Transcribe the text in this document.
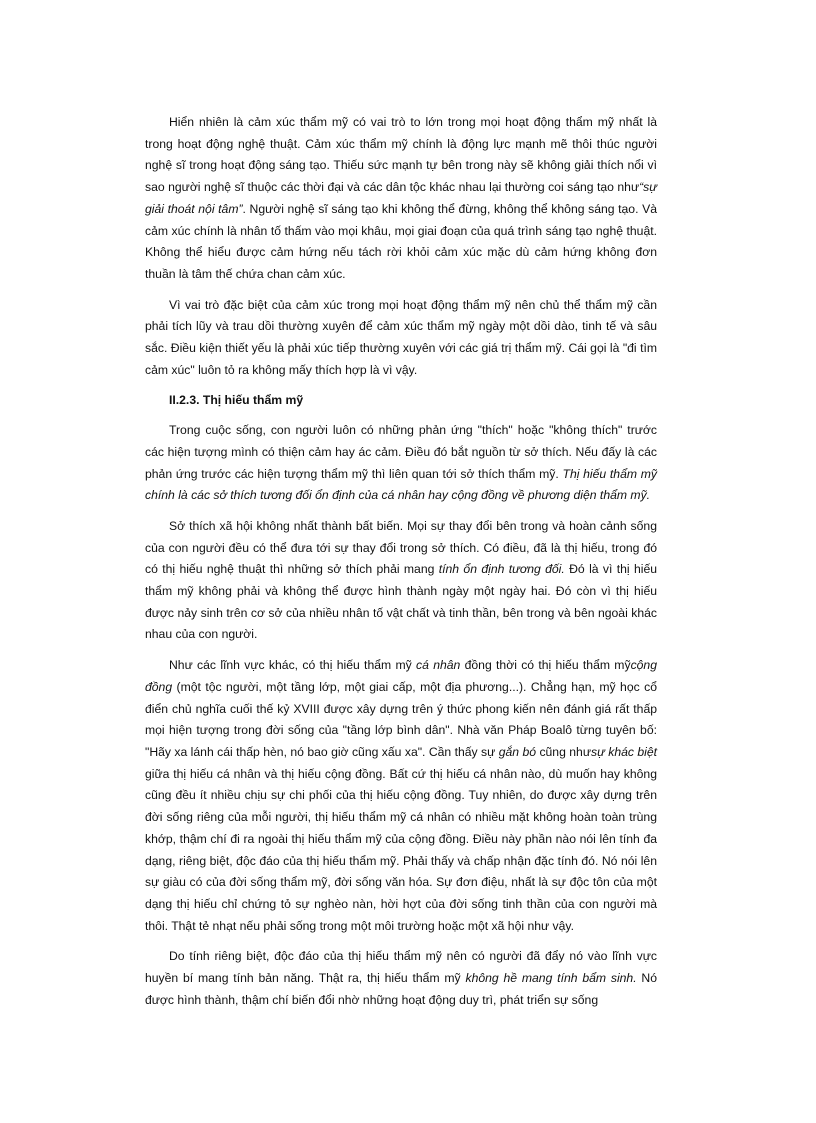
Hiển nhiên là cảm xúc thẩm mỹ có vai trò to lớn trong mọi hoạt động thẩm mỹ nhất là trong hoạt động nghệ thuật. Cảm xúc thẩm mỹ chính là động lực mạnh mẽ thôi thúc người nghệ sĩ trong hoạt động sáng tạo. Thiếu sức mạnh tự bên trong này sẽ không giải thích nổi vì sao người nghệ sĩ thuộc các thời đại và các dân tộc khác nhau lại thường coi sáng tạo như“sự giải thoát nội tâm”. Người nghệ sĩ sáng tạo khi không thể đừng, không thể không sáng tạo. Và cảm xúc chính là nhân tố thấm vào mọi khâu, mọi giai đoạn của quá trình sáng tạo nghệ thuật. Không thể hiểu được cảm hứng nếu tách rời khỏi cảm xúc mặc dù cảm hứng không đơn thuần là tâm thế chứa chan cảm xúc.

Vì vai trò đặc biệt của cảm xúc trong mọi hoạt động thẩm mỹ nên chủ thể thẩm mỹ cần phải tích lũy và trau dồi thường xuyên để cảm xúc thẩm mỹ ngày một dồi dào, tinh tế và sâu sắc. Điều kiện thiết yếu là phải xúc tiếp thường xuyên với các giá trị thẩm mỹ. Cái gọi là "đi tìm cảm xúc" luôn tỏ ra không mấy thích hợp là vì vậy.

II.2.3. Thị hiếu thẩm mỹ

Trong cuộc sống, con người luôn có những phản ứng "thích" hoặc "không thích" trước các hiện tượng mình có thiện cảm hay ác cảm. Điều đó bắt nguồn từ sở thích. Nếu đấy là các phản ứng trước các hiện tượng thẩm mỹ thì liên quan tới sở thích thẩm mỹ. Thị hiếu thẩm mỹ chính là các sở thích tương đối ổn định của cá nhân hay cộng đồng về phương diện thẩm mỹ.

Sở thích xã hội không nhất thành bất biến. Mọi sự thay đổi bên trong và hoàn cảnh sống của con người đều có thể đưa tới sự thay đổi trong sở thích. Có điều, đã là thị hiếu, trong đó có thị hiếu nghệ thuật thì những sở thích phải mang tính ổn định tương đối. Đó là vì thị hiếu thẩm mỹ không phải và không thể được hình thành ngày một ngày hai. Đó còn vì thị hiếu được nảy sinh trên cơ sở của nhiều nhân tố vật chất và tinh thần, bên trong và bên ngoài khác nhau của con người.

Như các lĩnh vực khác, có thị hiếu thẩm mỹ cá nhân đồng thời có thị hiếu thẩm mỹcộng đồng (một tộc người, một tầng lớp, một giai cấp, một địa phương...). Chẳng hạn, mỹ học cổ điển chủ nghĩa cuối thế kỷ XVIII được xây dựng trên ý thức phong kiến nên đánh giá rất thấp mọi hiện tượng trong đời sống của "tầng lớp bình dân". Nhà văn Pháp Boalô từng tuyên bố: "Hãy xa lánh cái thấp hèn, nó bao giờ cũng xấu xa". Cần thấy sự gắn bó cũng nhưsự khác biệt giữa thị hiếu cá nhân và thị hiếu cộng đồng. Bất cứ thị hiếu cá nhân nào, dù muốn hay không cũng đều ít nhiều chịu sự chi phối của thị hiếu cộng đồng. Tuy nhiên, do được xây dựng trên đời sống riêng của mỗi người, thị hiếu thẩm mỹ cá nhân có nhiều mặt không hoàn toàn trùng khớp, thậm chí đi ra ngoài thị hiếu thẩm mỹ của cộng đồng. Điều này phần nào nói lên tính đa dạng, riêng biệt, độc đáo của thị hiếu thẩm mỹ. Phải thấy và chấp nhận đặc tính đó. Nó nói lên sự giàu có của đời sống thẩm mỹ, đời sống văn hóa. Sự đơn điệu, nhất là sự độc tôn của một dạng thị hiếu chỉ chứng tỏ sự nghèo nàn, hời hợt của đời sống tinh thần của con người mà thôi. Thật tẻ nhạt nếu phải sống trong một môi trường hoặc một xã hội như vậy.

Do tính riêng biệt, độc đáo của thị hiếu thẩm mỹ nên có người đã đẩy nó vào lĩnh vực huyền bí mang tính bản năng. Thật ra, thị hiếu thẩm mỹ không hề mang tính bẩm sinh. Nó được hình thành, thậm chí biến đổi nhờ những hoạt động duy trì, phát triển sự sống
